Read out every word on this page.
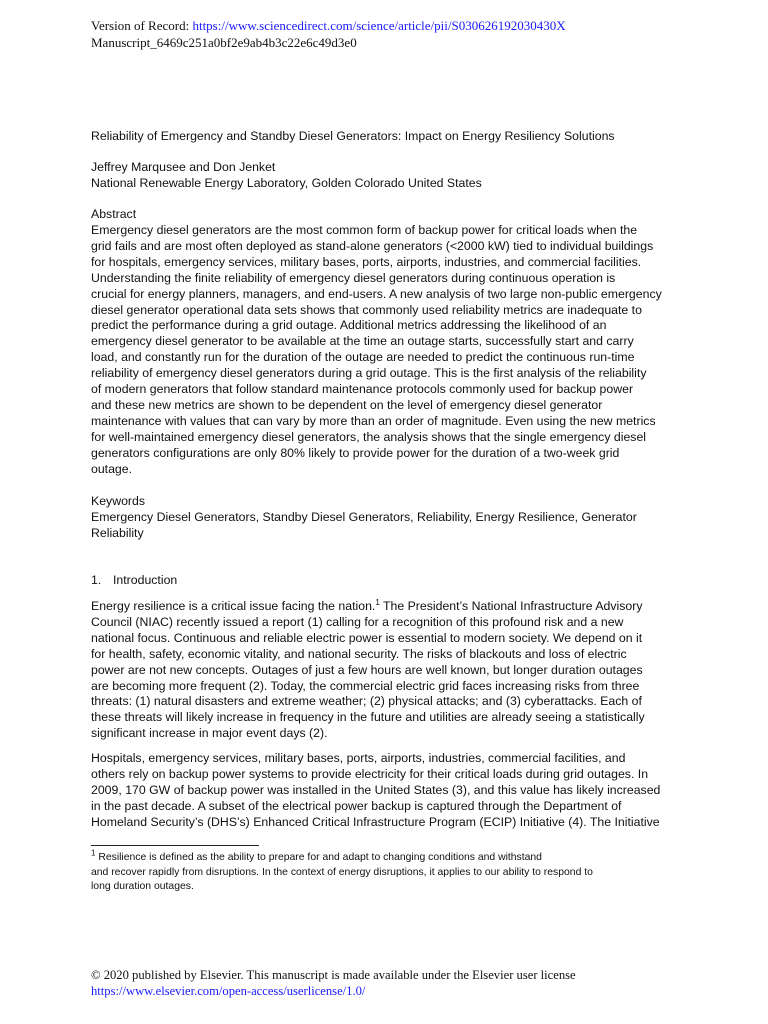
Version of Record: https://www.sciencedirect.com/science/article/pii/S030626192030430X
Manuscript_6469c251a0bf2e9ab4b3c22e6c49d3e0
Reliability of Emergency and Standby Diesel Generators: Impact on Energy Resiliency Solutions
Jeffrey Marqusee and Don Jenket
National Renewable Energy Laboratory, Golden Colorado United States
Abstract
Emergency diesel generators are the most common form of backup power for critical loads when the
grid fails and are most often deployed as stand-alone generators (<2000 kW) tied to individual buildings
for hospitals, emergency services, military bases, ports, airports, industries, and commercial facilities.
Understanding the finite reliability of emergency diesel generators during continuous operation is
crucial for energy planners, managers, and end-users. A new analysis of two large non-public emergency
diesel generator operational data sets shows that commonly used reliability metrics are inadequate to
predict the performance during a grid outage. Additional metrics addressing the likelihood of an
emergency diesel generator to be available at the time an outage starts, successfully start and carry
load, and constantly run for the duration of the outage are needed to predict the continuous run-time
reliability of emergency diesel generators during a grid outage. This is the first analysis of the reliability
of modern generators that follow standard maintenance protocols commonly used for backup power
and these new metrics are shown to be dependent on the level of emergency diesel generator
maintenance with values that can vary by more than an order of magnitude. Even using the new metrics
for well-maintained emergency diesel generators, the analysis shows that the single emergency diesel
generators configurations are only 80% likely to provide power for the duration of a two-week grid
outage.
Keywords
Emergency Diesel Generators, Standby Diesel Generators, Reliability, Energy Resilience, Generator
Reliability
1. Introduction
Energy resilience is a critical issue facing the nation.$^1$ The President’s National Infrastructure Advisory
Council (NIAC) recently issued a report (1) calling for a recognition of this profound risk and a new
national focus. Continuous and reliable electric power is essential to modern society. We depend on it
for health, safety, economic vitality, and national security. The risks of blackouts and loss of electric
power are not new concepts. Outages of just a few hours are well known, but longer duration outages
are becoming more frequent (2). Today, the commercial electric grid faces increasing risks from three
threats: (1) natural disasters and extreme weather; (2) physical attacks; and (3) cyberattacks. Each of
these threats will likely increase in frequency in the future and utilities are already seeing a statistically
significant increase in major event days (2).
Hospitals, emergency services, military bases, ports, airports, industries, commercial facilities, and
others rely on backup power systems to provide electricity for their critical loads during grid outages. In
2009, 170 GW of backup power was installed in the United States (3), and this value has likely increased
in the past decade. A subset of the electrical power backup is captured through the Department of
Homeland Security’s (DHS’s) Enhanced Critical Infrastructure Program (ECIP) Initiative (4). The Initiative
$^1$ Resilience is defined as the ability to prepare for and adapt to changing conditions and withstand
and recover rapidly from disruptions. In the context of energy disruptions, it applies to our ability to respond to
long duration outages.
© 2020 published by Elsevier. This manuscript is made available under the Elsevier user license
https://www.elsevier.com/open-access/userlicense/1.0/
